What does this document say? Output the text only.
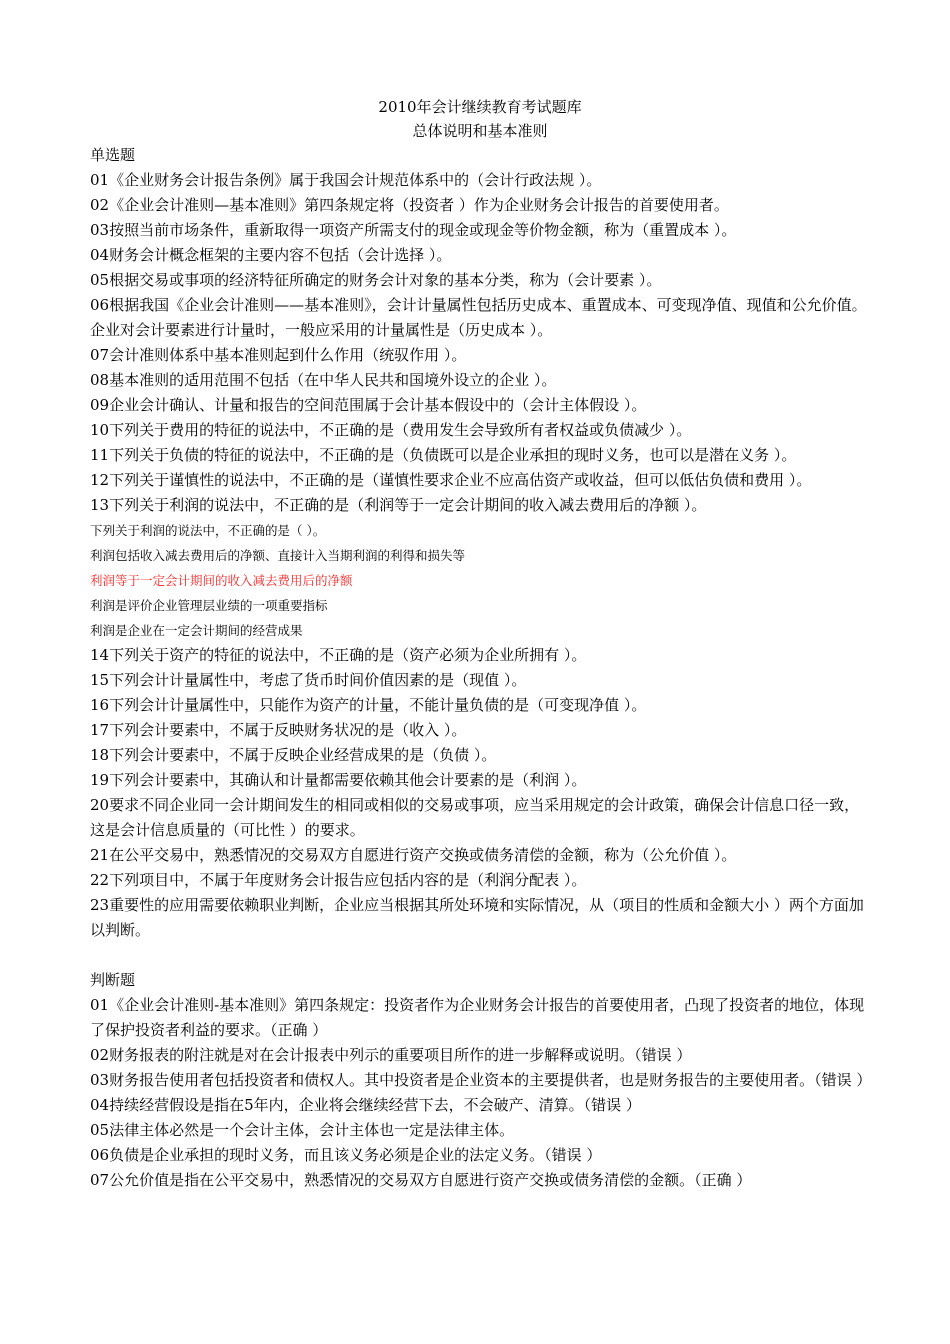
2010年会计继续教育考试题库
总体说明和基本准则
单选题
01《企业财务会计报告条例》属于我国会计规范体系中的（会计行政法规 ）。
02《企业会计准则—基本准则》第四条规定将（投资者 ）作为企业财务会计报告的首要使用者。
03按照当前市场条件，重新取得一项资产所需支付的现金或现金等价物金额，称为（重置成本 ）。
04财务会计概念框架的主要内容不包括（会计选择 ）。
05根据交易或事项的经济特征所确定的财务会计对象的基本分类，称为（会计要素 ）。
06根据我国《企业会计准则——基本准则》，会计计量属性包括历史成本、重置成本、可变现净值、现值和公允价值。企业对会计要素进行计量时，一般应采用的计量属性是（历史成本 ）。
07会计准则体系中基本准则起到什么作用（统驭作用 ）。
08基本准则的适用范围不包括（在中华人民共和国境外设立的企业 ）。
09企业会计确认、计量和报告的空间范围属于会计基本假设中的（会计主体假设 ）。
10下列关于费用的特征的说法中，不正确的是（费用发生会导致所有者权益或负债减少 ）。
11下列关于负债的特征的说法中，不正确的是（负债既可以是企业承担的现时义务，也可以是潜在义务 ）。
12下列关于谨慎性的说法中，不正确的是（谨慎性要求企业不应高估资产或收益，但可以低估负债和费用 ）。
13下列关于利润的说法中，不正确的是（利润等于一定会计期间的收入减去费用后的净额 ）。
下列关于利润的说法中，不正确的是（ ）。
利润包括收入减去费用后的净额、直接计入当期利润的利得和损失等
利润等于一定会计期间的收入减去费用后的净额
利润是评价企业管理层业绩的一项重要指标
利润是企业在一定会计期间的经营成果
14下列关于资产的特征的说法中，不正确的是（资产必须为企业所拥有 ）。
15下列会计计量属性中，考虑了货币时间价值因素的是（现值 ）。
16下列会计计量属性中，只能作为资产的计量，不能计量负债的是（可变现净值 ）。
17下列会计要素中，不属于反映财务状况的是（收入 ）。
18下列会计要素中，不属于反映企业经营成果的是（负债 ）。
19下列会计要素中，其确认和计量都需要依赖其他会计要素的是（利润 ）。
20要求不同企业同一会计期间发生的相同或相似的交易或事项，应当采用规定的会计政策，确保会计信息口径一致，这是会计信息质量的（可比性 ）的要求。
21在公平交易中，熟悉情况的交易双方自愿进行资产交换或债务清偿的金额，称为（公允价值 ）。
22下列项目中，不属于年度财务会计报告应包括内容的是（利润分配表 ）。
23重要性的应用需要依赖职业判断，企业应当根据其所处环境和实际情况，从（项目的性质和金额大小 ）两个方面加以判断。
判断题
01《企业会计准则-基本准则》第四条规定：投资者作为企业财务会计报告的首要使用者，凸现了投资者的地位，体现了保护投资者利益的要求。（正确 ）
02财务报表的附注就是对在会计报表中列示的重要项目所作的进一步解释或说明。（错误 ）
03财务报告使用者包括投资者和债权人。其中投资者是企业资本的主要提供者，也是财务报告的主要使用者。（错误 ）
04持续经营假设是指在5年内，企业将会继续经营下去，不会破产、清算。（错误 ）
05法律主体必然是一个会计主体，会计主体也一定是法律主体。
06负债是企业承担的现时义务，而且该义务必须是企业的法定义务。（错误 ）
07公允价值是指在公平交易中，熟悉情况的交易双方自愿进行资产交换或债务清偿的金额。（正确 ）
